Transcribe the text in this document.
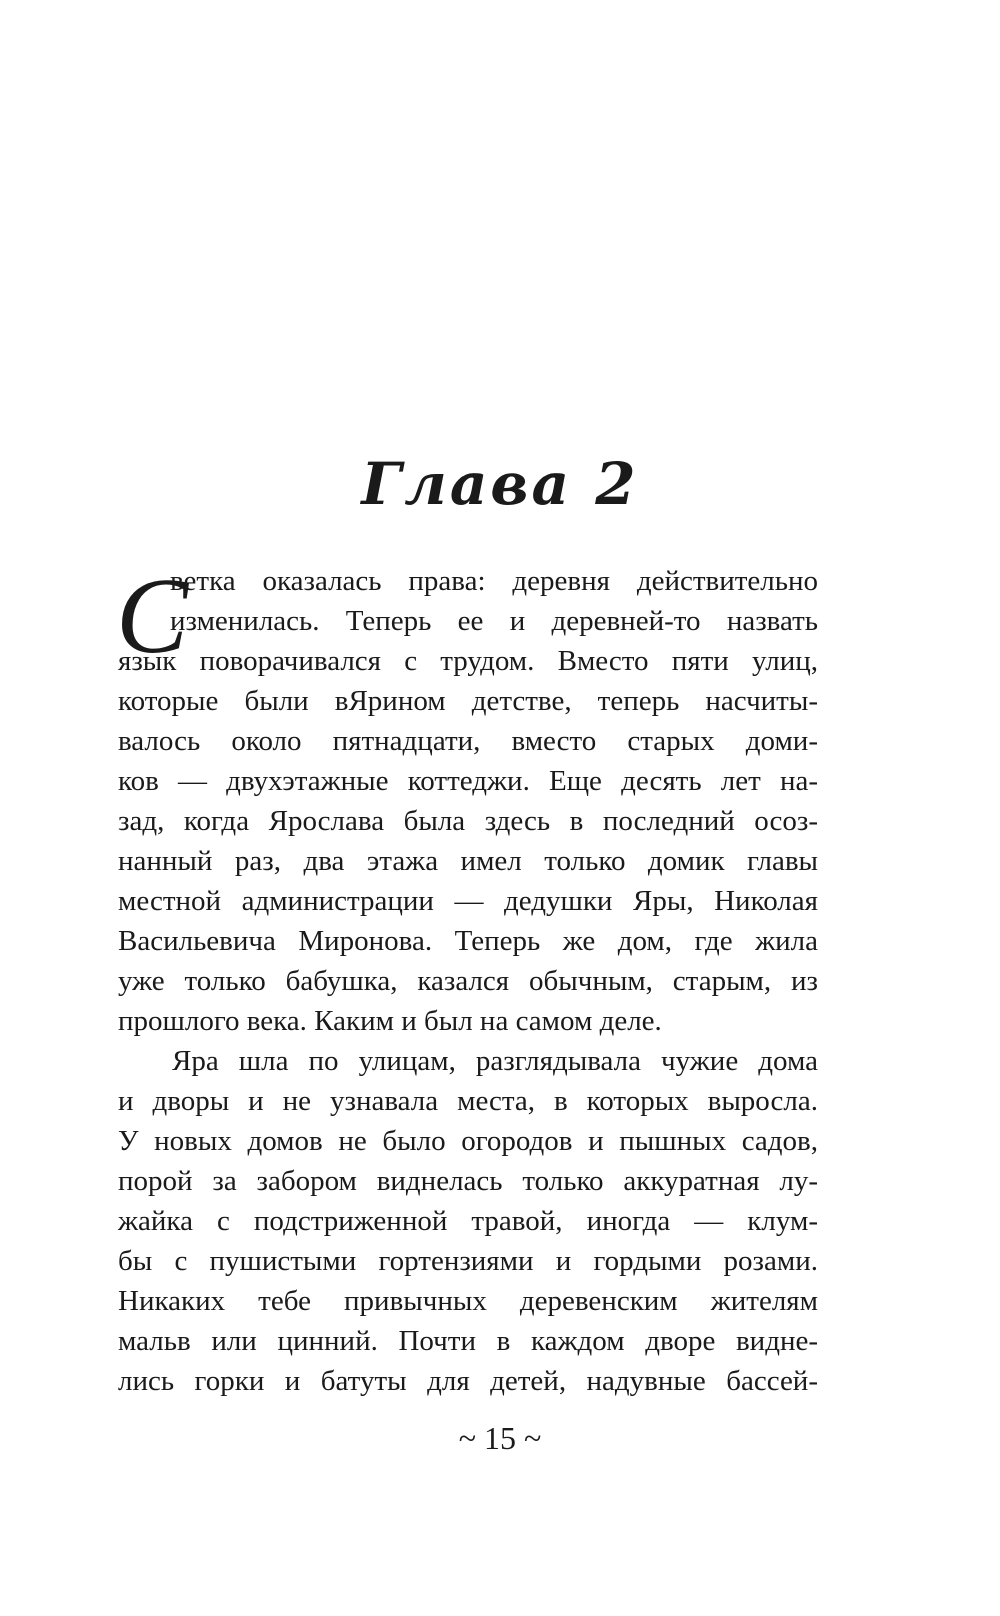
Глава 2
С
ветка оказалась права: деревня действительно
изменилась. Теперь ее и деревней-то назвать
язык поворачивался с трудом. Вместо пяти улиц,
которые были вЯрином детстве, теперь насчиты-
валось около пятнадцати, вместо старых доми-
ков — двухэтажные коттеджи. Еще десять лет на-
зад, когда Ярослава была здесь в последний осоз-
нанный раз, два этажа имел только домик главы
местной администрации — дедушки Яры, Николая
Васильевича Миронова. Теперь же дом, где жила
уже только бабушка, казался обычным, старым, из
прошлого века. Каким и был на самом деле.
Яра шла по улицам, разглядывала чужие дома
и дворы и не узнавала места, в которых выросла.
У новых домов не было огородов и пышных садов,
порой за забором виднелась только аккуратная лу-
жайка с подстриженной травой, иногда — клум-
бы с пушистыми гортензиями и гордыми розами.
Никаких тебе привычных деревенским жителям
мальв или цинний. Почти в каждом дворе видне-
лись горки и батуты для детей, надувные бассей-
~ 15 ~
